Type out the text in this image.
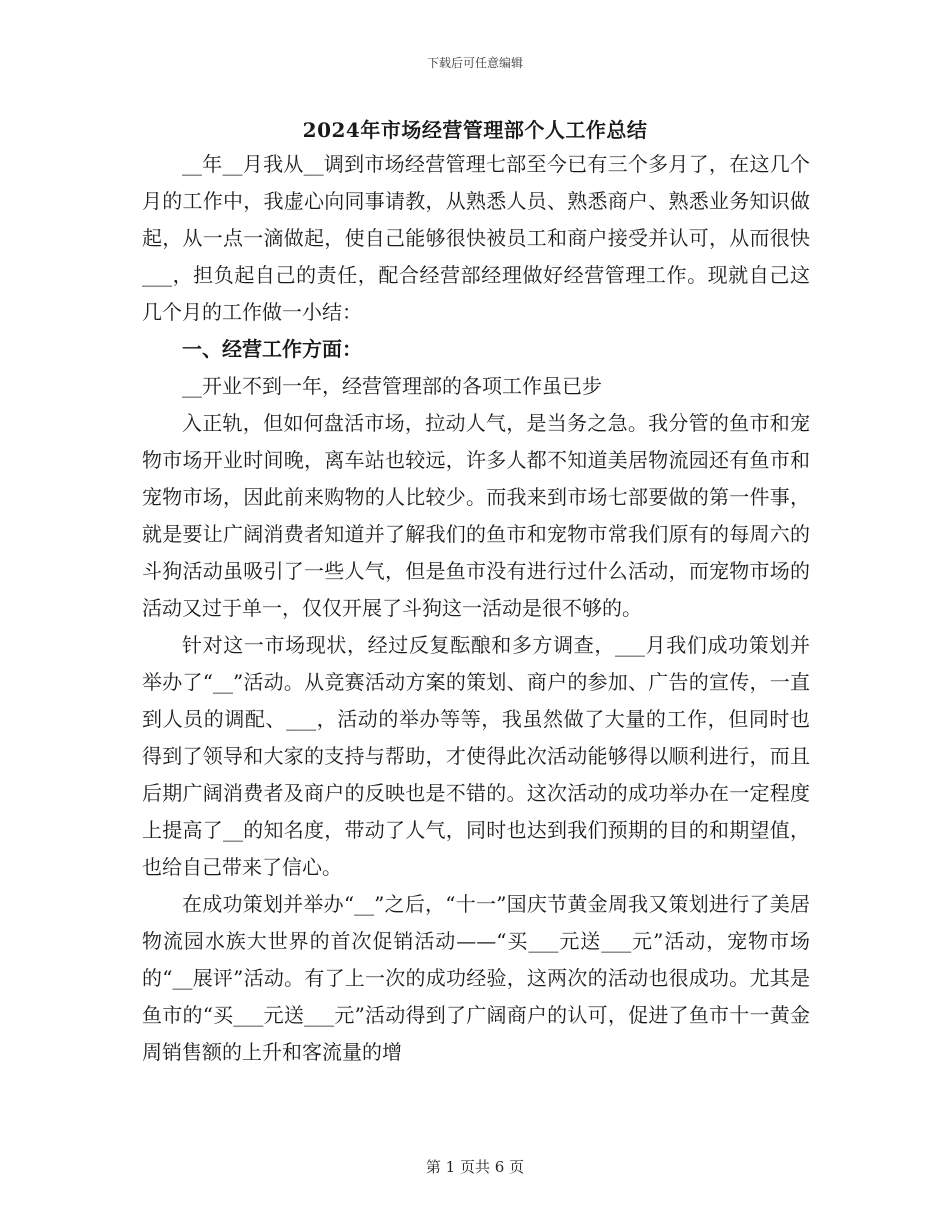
下载后可任意编辑
2024年市场经营管理部个人工作总结

__年__月我从__调到市场经营管理七部至今已有三个多月了，在这几个月的工作中，我虚心向同事请教，从熟悉人员、熟悉商户、熟悉业务知识做起，从一点一滴做起，使自己能够很快被员工和商户接受并认可，从而很快___，担负起自己的责任，配合经营部经理做好经营管理工作。现就自己这几个月的工作做一小结：

一、经营工作方面：

__开业不到一年，经营管理部的各项工作虽已步

入正轨，但如何盘活市场，拉动人气，是当务之急。我分管的鱼市和宠物市场开业时间晚，离车站也较远，许多人都不知道美居物流园还有鱼市和宠物市场，因此前来购物的人比较少。而我来到市场七部要做的第一件事，就是要让广阔消费者知道并了解我们的鱼市和宠物市常我们原有的每周六的斗狗活动虽吸引了一些人气，但是鱼市没有进行过什么活动，而宠物市场的活动又过于单一，仅仅开展了斗狗这一活动是很不够的。

针对这一市场现状，经过反复酝酿和多方调查，___月我们成功策划并举办了“__”活动。从竞赛活动方案的策划、商户的参加、广告的宣传，一直到人员的调配、___，活动的举办等等，我虽然做了大量的工作，但同时也得到了领导和大家的支持与帮助，才使得此次活动能够得以顺利进行，而且后期广阔消费者及商户的反映也是不错的。这次活动的成功举办在一定程度上提高了__的知名度，带动了人气，同时也达到我们预期的目的和期望值，也给自己带来了信心。

在成功策划并举办“__”之后，“十一”国庆节黄金周我又策划进行了美居物流园水族大世界的首次促销活动——“买___元送___元”活动，宠物市场的“__展评”活动。有了上一次的成功经验，这两次的活动也很成功。尤其是鱼市的“买___元送___元”活动得到了广阔商户的认可，促进了鱼市十一黄金周销售额的上升和客流量的增

第 1 页共 6 页
